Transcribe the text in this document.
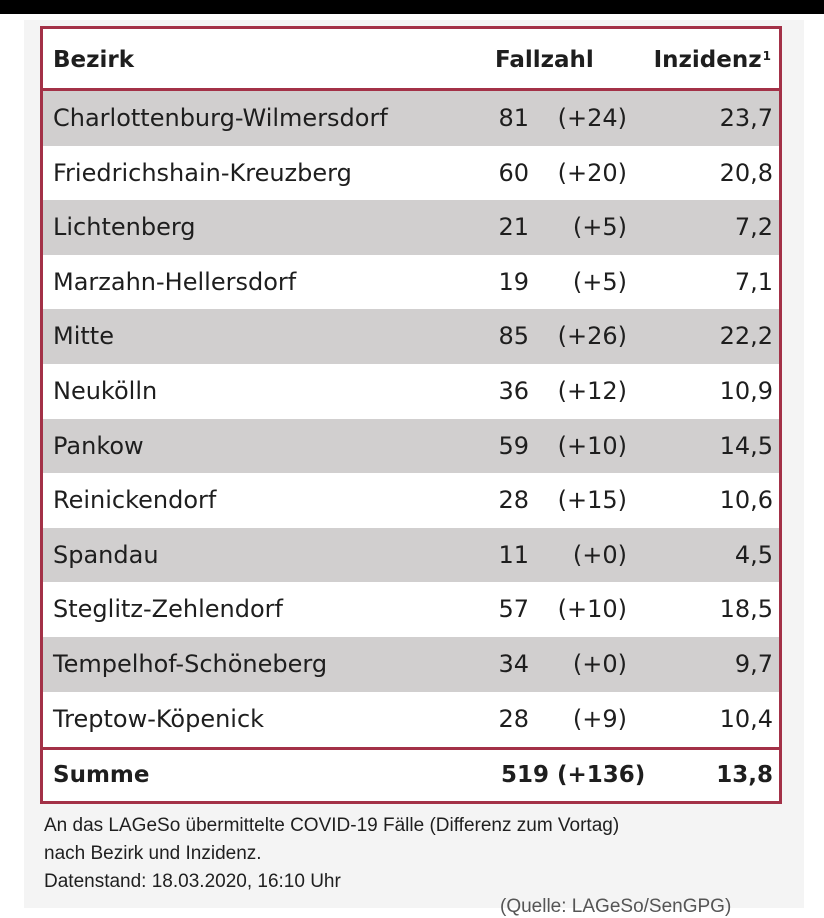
Bezirk	Fallzahl	Inzidenz$^1$
Charlottenburg-Wilmersdorf	81	(+24)	23,7
Friedrichshain-Kreuzberg	60	(+20)	20,8
Lichtenberg	21	(+5)	7,2
Marzahn-Hellersdorf	19	(+5)	7,1
Mitte	85	(+26)	22,2
Neukölln	36	(+12)	10,9
Pankow	59	(+10)	14,5
Reinickendorf	28	(+15)	10,6
Spandau	11	(+0)	4,5
Steglitz-Zehlendorf	57	(+10)	18,5
Tempelhof-Schöneberg	34	(+0)	9,7
Treptow-Köpenick	28	(+9)	10,4
Summe	519 (+136)	13,8
An das LAGeSo übermittelte COVID-19 Fälle (Differenz zum Vortag)
nach Bezirk und Inzidenz.
Datenstand: 18.03.2020, 16:10 Uhr
(Quelle: LAGeSo/SenGPG)
